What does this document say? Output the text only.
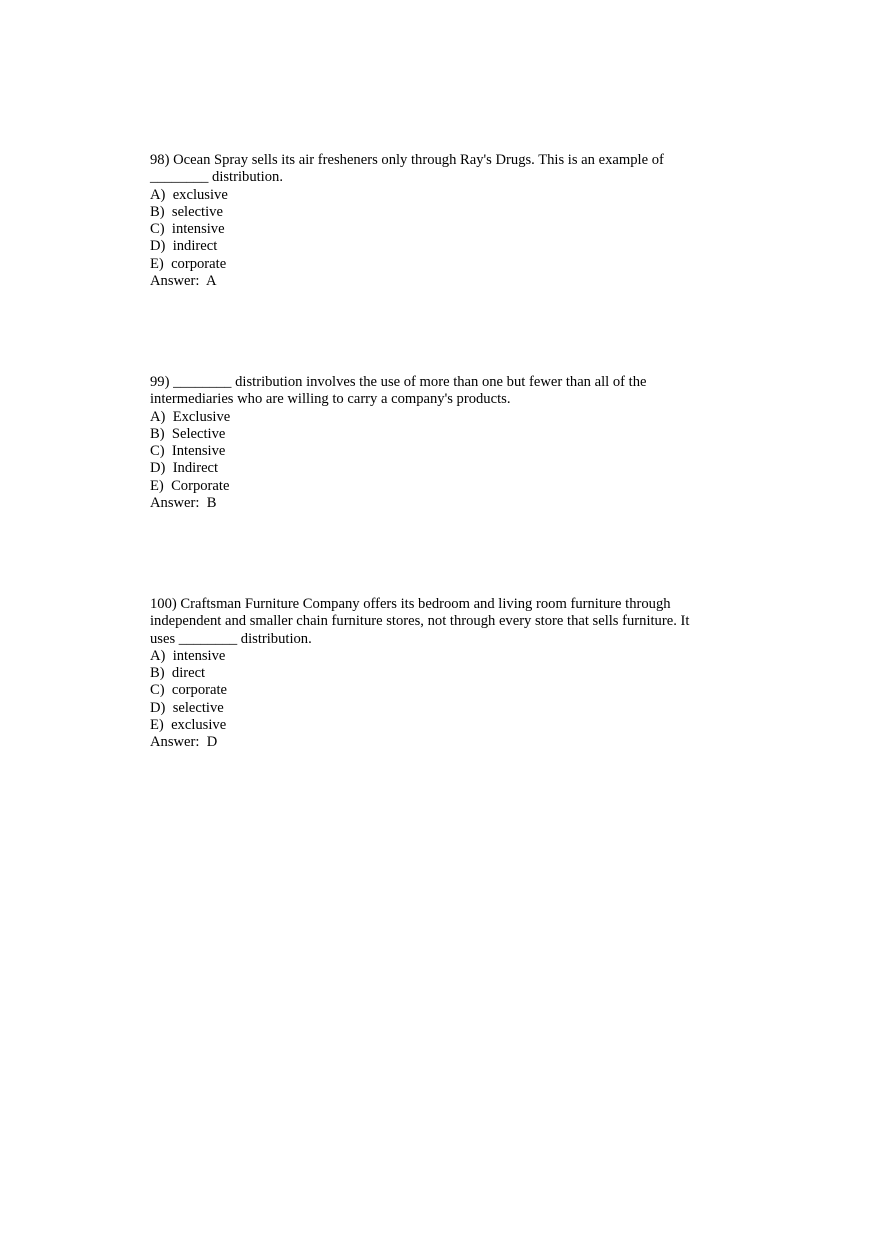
98) Ocean Spray sells its air fresheners only through Ray's Drugs. This is an example of
________ distribution.

A)  exclusive
B)  selective
C)  intensive
D)  indirect
E)  corporate

Answer:  A

99) ________ distribution involves the use of more than one but fewer than all of the
intermediaries who are willing to carry a company's products.

A)  Exclusive
B)  Selective
C)  Intensive
D)  Indirect
E)  Corporate

Answer:  B

100) Craftsman Furniture Company offers its bedroom and living room furniture through
independent and smaller chain furniture stores, not through every store that sells furniture. It
uses ________ distribution.

A)  intensive
B)  direct
C)  corporate
D)  selective
E)  exclusive

Answer:  D
